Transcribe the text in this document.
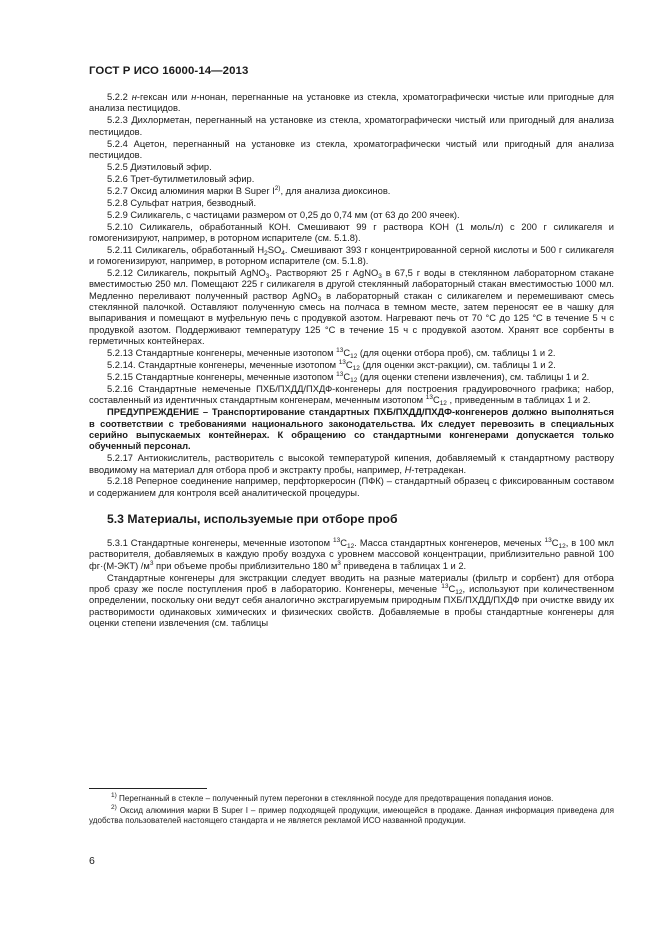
ГОСТ Р ИСО 16000-14—2013

5.2.2 н-гексан или н-нонан, перегнанные на установке из стекла, хроматографически чистые или пригодные для анализа пестицидов.

5.2.3 Дихлорметан, перегнанный на установке из стекла, хроматографически чистый или пригодный для анализа пестицидов.

5.2.4 Ацетон, перегнанный на установке из стекла, хроматографически чистый или пригодный для анализа пестицидов.

5.2.5 Диэтиловый эфир.

5.2.6 Трет-бутилметиловый эфир.

5.2.7 Оксид алюминия марки В Super $I^{2)}$, для анализа диоксинов.

5.2.8 Сульфат натрия, безводный.

5.2.9 Силикагель, с частицами размером от 0,25 до 0,74 мм (от 63 до 200 ячеек).

5.2.10 Силикагель, обработанный КОН. Смешивают 99 г раствора КОН (1 моль/л) с 200 г силикагеля и гомогенизируют, например, в роторном испарителе (см. 5.1.8).

5.2.11 Силикагель, обработанный $H_2SO_4$. Смешивают 393 г концентрированной серной кислоты и 500 г силикагеля и гомогенизируют, например, в роторном испарителе (см. 5.1.8).

5.2.12 Силикагель, покрытый AgNO$_3$. Растворяют 25 г AgNO$_3$ в 67,5 г воды в стеклянном лабораторном стакане вместимостью 250 мл. Помещают 225 г силикагеля в другой стеклянный лабораторный стакан вместимостью 1000 мл. Медленно переливают полученный раствор AgNO$_3$ в лабораторный стакан с силикагелем и перемешивают смесь стеклянной палочкой. Оставляют полученную смесь на полчаса в темном месте, затем переносят ее в чашку для выпаривания и помещают в муфельную печь с продувкой азотом. Нагревают печь от 70 °С до 125 °С в течение 5 ч с продувкой азотом. Поддерживают температуру 125 °С в течение 15 ч с продувкой азотом. Хранят все сорбенты в герметичных контейнерах.

5.2.13 Стандартные конгенеры, меченные изотопом $^{13}C_{12}$ (для оценки отбора проб), см. таблицы 1 и 2.

5.2.14. Стандартные конгенеры, меченные изотопом $^{13}C_{12}$ (для оценки экст-ракции), см. таблицы 1 и 2.

5.2.15 Стандартные конгенеры, меченные изотопом $^{13}C_{12}$ (для оценки степени извлечения), см. таблицы 1 и 2.

5.2.16 Стандартные немеченые ПХБ/ПХДД/ПХДФ-конгенеры для построения градуировочного графика; набор, составленный из идентичных стандартным конгенерам, меченным изотопом $^{13}C_{12}$ , приведенным в таблицах 1 и 2.

ПРЕДУПРЕЖДЕНИЕ – Транспортирование стандартных ПХБ/ПХДД/ПХДФ-конгенеров должно выполняться в соответствии с требованиями национального законодательства. Их следует перевозить в специальных серийно выпускаемых контейнерах. К обращению со стандартными конгенерами допускается только обученный персонал.

5.2.17 Антиокислитель, растворитель с высокой температурой кипения, добавляемый к стандартному раствору вводимому на материал для отбора проб и экстракту пробы, например, Н-тетрадекан.

5.2.18 Реперное соединение например, перфторкеросин (ПФК) – стандартный образец с фиксированным составом и содержанием для контроля всей аналитической процедуры.

5.3 Материалы, используемые при отборе проб

5.3.1 Стандартные конгенеры, меченные изотопом $^{13}C_{12}$. Масса стандартных конгенеров, меченых $^{13}C_{12}$, в 100 мкл растворителя, добавляемых в каждую пробу воздуха с уровнем массовой концентрации, приблизительно равной 100 фг·(М-ЭКТ) $/м^3$ при объеме пробы приблизительно 180 $м^3$ приведена в таблицах 1 и 2.

Стандартные конгенеры для экстракции следует вводить на разные материалы (фильтр и сорбент) для отбора проб сразу же после поступления проб в лабораторию. Конгенеры, меченые $^{13}C_{12}$, используют при количественном определении, поскольку они ведут себя аналогично экстрагируемым природным ПХБ/ПХДД/ПХДФ при очистке ввиду их растворимости одинаковых химических и физических свойств. Добавляемые в пробы стандартные конгенеры для оценки степени извлечения (см. таблицы

$^{1)}$ Перегнанный в стекле – полученный путем перегонки в стеклянной посуде для предотвращения попадания ионов.

$^{2)}$ Оксид алюминия марки В Super I – пример подходящей продукции, имеющейся в продаже. Данная информация приведена для удобства пользователей настоящего стандарта и не является рекламой ИСО названной продукции.

6
